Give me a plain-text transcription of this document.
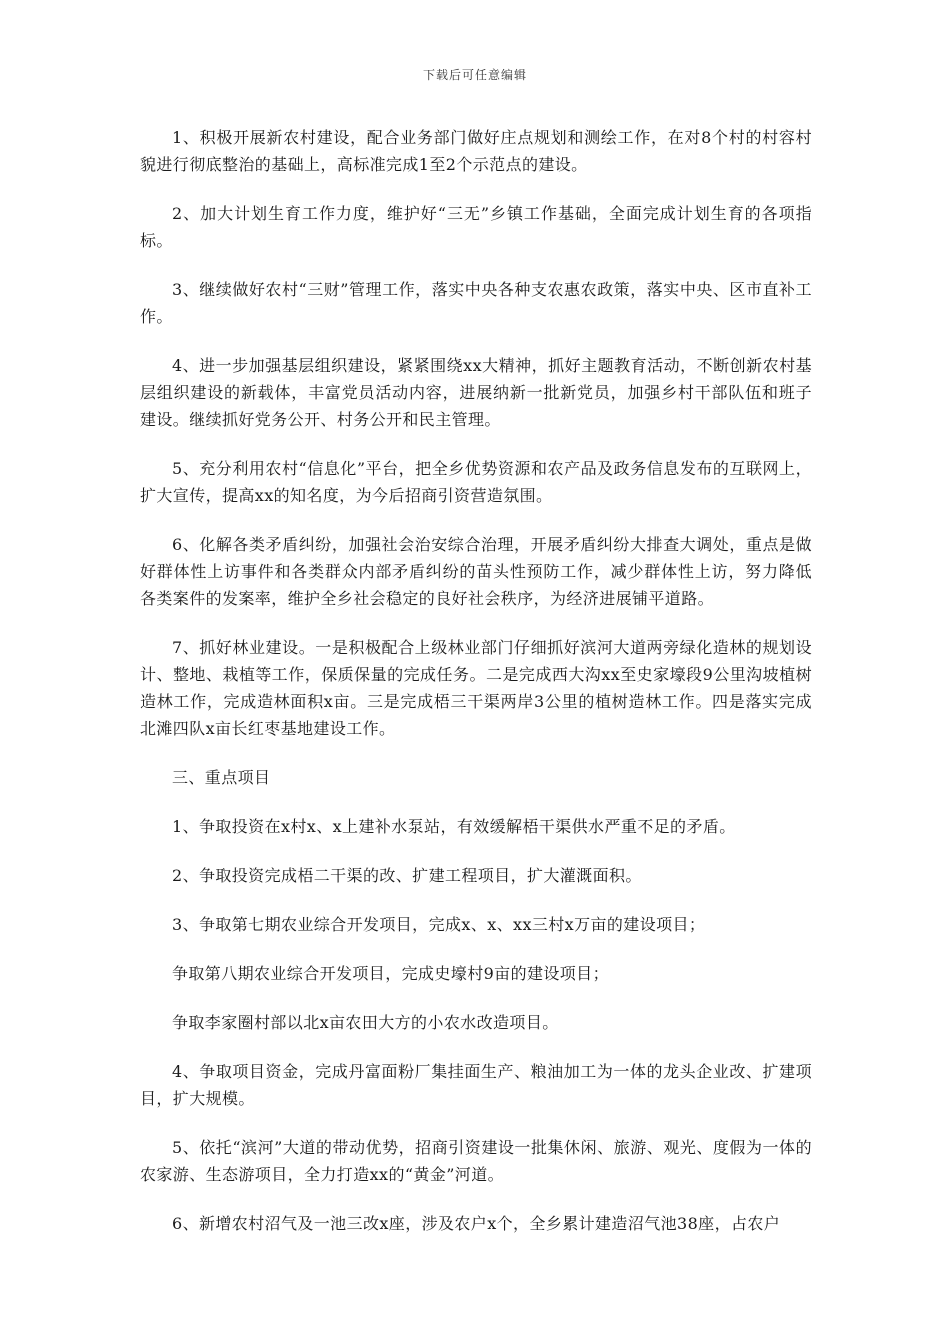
下载后可任意编辑

1、积极开展新农村建设，配合业务部门做好庄点规划和测绘工作，在对8个村的村容村貌进行彻底整治的基础上，高标准完成1至2个示范点的建设。

2、加大计划生育工作力度，维护好“三无”乡镇工作基础，全面完成计划生育的各项指标。

3、继续做好农村“三财”管理工作，落实中央各种支农惠农政策，落实中央、区市直补工作。

4、进一步加强基层组织建设，紧紧围绕xx大精神，抓好主题教育活动，不断创新农村基层组织建设的新载体，丰富党员活动内容，进展纳新一批新党员，加强乡村干部队伍和班子建设。继续抓好党务公开、村务公开和民主管理。

5、充分利用农村“信息化”平台，把全乡优势资源和农产品及政务信息发布的互联网上，扩大宣传，提高xx的知名度，为今后招商引资营造氛围。

6、化解各类矛盾纠纷，加强社会治安综合治理，开展矛盾纠纷大排查大调处，重点是做好群体性上访事件和各类群众内部矛盾纠纷的苗头性预防工作，减少群体性上访，努力降低各类案件的发案率，维护全乡社会稳定的良好社会秩序，为经济进展铺平道路。

7、抓好林业建设。一是积极配合上级林业部门仔细抓好滨河大道两旁绿化造林的规划设计、整地、栽植等工作，保质保量的完成任务。二是完成西大沟xx至史家壕段9公里沟坡植树造林工作，完成造林面积x亩。三是完成梧三干渠两岸3公里的植树造林工作。四是落实完成北滩四队x亩长红枣基地建设工作。

三、重点项目

1、争取投资在x村x、x上建补水泵站，有效缓解梧干渠供水严重不足的矛盾。

2、争取投资完成梧二干渠的改、扩建工程项目，扩大灌溉面积。

3、争取第七期农业综合开发项目，完成x、x、xx三村x万亩的建设项目；

争取第八期农业综合开发项目，完成史壕村9亩的建设项目；

争取李家圈村部以北x亩农田大方的小农水改造项目。

4、争取项目资金，完成丹富面粉厂集挂面生产、粮油加工为一体的龙头企业改、扩建项目，扩大规模。

5、依托“滨河”大道的带动优势，招商引资建设一批集休闲、旅游、观光、度假为一体的农家游、生态游项目，全力打造xx的“黄金”河道。

6、新增农村沼气及一池三改x座，涉及农户x个，全乡累计建造沼气池38座，占农户
